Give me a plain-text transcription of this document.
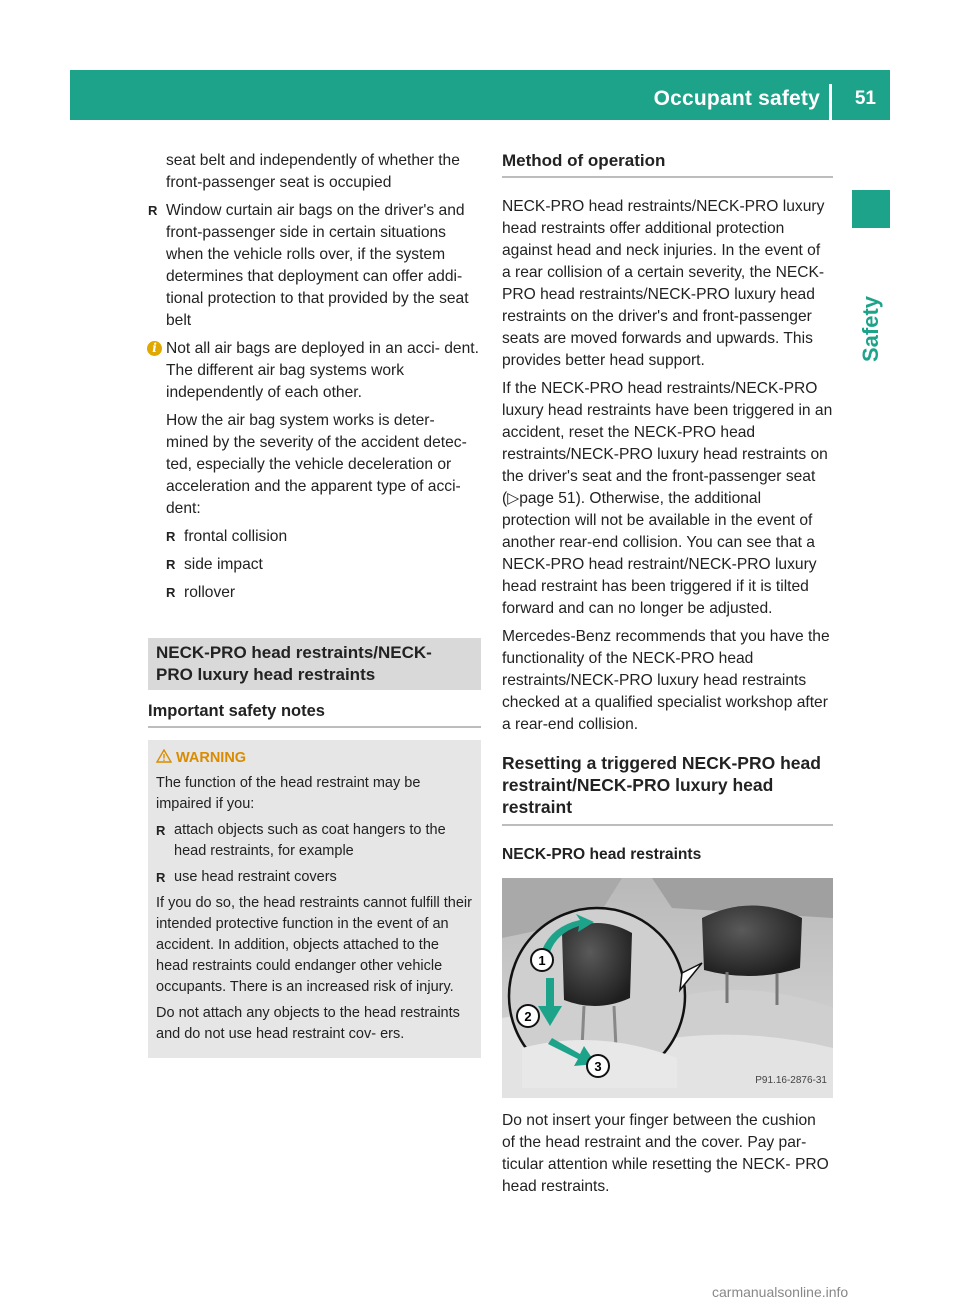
Occupant safety 51
Safety

seat belt and independently of whether the front-passenger seat is occupied

R Window curtain air bags on the driver's and front-passenger side in certain situations when the vehicle rolls over, if the system determines that deployment can offer addi- tional protection to that provided by the seat belt

i Not all air bags are deployed in an acci- dent. The different air bag systems work independently of each other.

How the air bag system works is deter- mined by the severity of the accident detec- ted, especially the vehicle deceleration or acceleration and the apparent type of acci- dent:

R frontal collision

R side impact

R rollover

NECK-PRO head restraints/NECK- PRO luxury head restraints
Important safety notes
WARNING

The function of the head restraint may be impaired if you:

R attach objects such as coat hangers to the head restraints, for example

R use head restraint covers

If you do so, the head restraints cannot fulfill their intended protective function in the event of an accident. In addition, objects attached to the head restraints could endanger other vehicle occupants. There is an increased risk of injury.

Do not attach any objects to the head restraints and do not use head restraint cov- ers.

Method of operation

NECK-PRO head restraints/NECK-PRO luxury head restraints offer additional protection against head and neck injuries. In the event of a rear collision of a certain severity, the NECK- PRO head restraints/NECK-PRO luxury head restraints on the driver's and front-passenger seats are moved forwards and upwards. This provides better head support.

If the NECK-PRO head restraints/NECK-PRO luxury head restraints have been triggered in an accident, reset the NECK-PRO head restraints/NECK-PRO luxury head restraints on the driver's seat and the front-passenger seat (▷page 51). Otherwise, the additional protection will not be available in the event of another rear-end collision. You can see that a NECK-PRO head restraint/NECK-PRO luxury head restraint has been triggered if it is tilted forward and can no longer be adjusted.

Mercedes-Benz recommends that you have the functionality of the NECK-PRO head restraints/NECK-PRO luxury head restraints checked at a qualified specialist workshop after a rear-end collision.

Resetting a triggered NECK-PRO head restraint/NECK-PRO luxury head restraint
NECK-PRO head restraints
1
2
3
P91.16-2876-31

Do not insert your finger between the cushion of the head restraint and the cover. Pay par- ticular attention while resetting the NECK- PRO head restraints.

carmanualsonline.info
